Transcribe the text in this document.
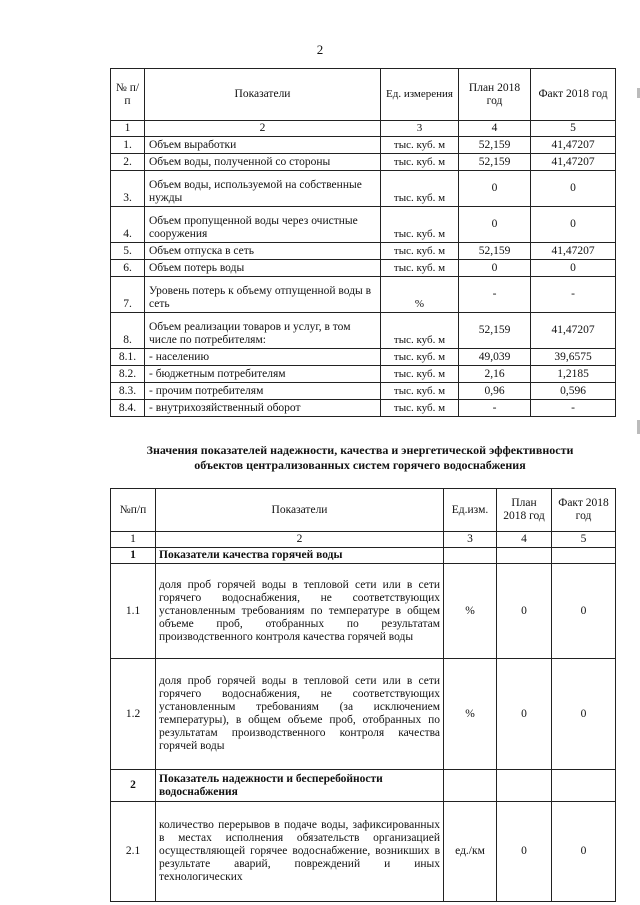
2
№ п/п	Показатели	Ед. измерения	План 2018 год	Факт 2018 год
1	2	3	4	5
1.	Объем выработки	тыс. куб. м	52,159	41,47207
2.	Объем воды, полученной со стороны	тыс. куб. м	52,159	41,47207
3.	Объем воды, используемой на собственные нужды	тыс. куб. м	0	0
4.	Объем пропущенной воды через очистные сооружения	тыс. куб. м	0	0
5.	Объем отпуска в сеть	тыс. куб. м	52,159	41,47207
6.	Объем потерь воды	тыс. куб. м	0	0
7.	Уровень потерь к объему отпущенной воды в сеть	%	-	-
8.	Объем реализации товаров и услуг, в том числе по потребителям:	тыс. куб. м	52,159	41,47207
8.1.	- населению	тыс. куб. м	49,039	39,6575
8.2.	- бюджетным потребителям	тыс. куб. м	2,16	1,2185
8.3.	- прочим потребителям	тыс. куб. м	0,96	0,596
8.4.	- внутрихозяйственный оборот	тыс. куб. м	-	-
Значения показателей надежности, качества и энергетической эффективности
объектов централизованных систем горячего водоснабжения
№п/п	Показатели	Ед.изм.	План 2018 год	Факт 2018 год
1	2	3	4	5
1	Показатели качества горячей воды			
1.1	доля проб горячей воды в тепловой сети или в сети горячего водоснабжения, не соответствующих установленным требованиям по температуре в общем объеме проб, отобранных по результатам производственного контроля качества горячей воды	%	0	0
1.2	доля проб горячей воды в тепловой сети или в сети горячего водоснабжения, не соответствующих установленным требованиям (за исключением температуры), в общем объеме проб, отобранных по результатам производственного контроля качества горячей воды	%	0	0
2	Показатель надежности и бесперебойности водоснабжения			
2.1	количество перерывов в подаче воды, зафиксированных в местах исполнения обязательств организацией осуществляющей горячее водоснабжение, возникших в результате аварий, повреждений и иных технологических	ед./км	0	0
